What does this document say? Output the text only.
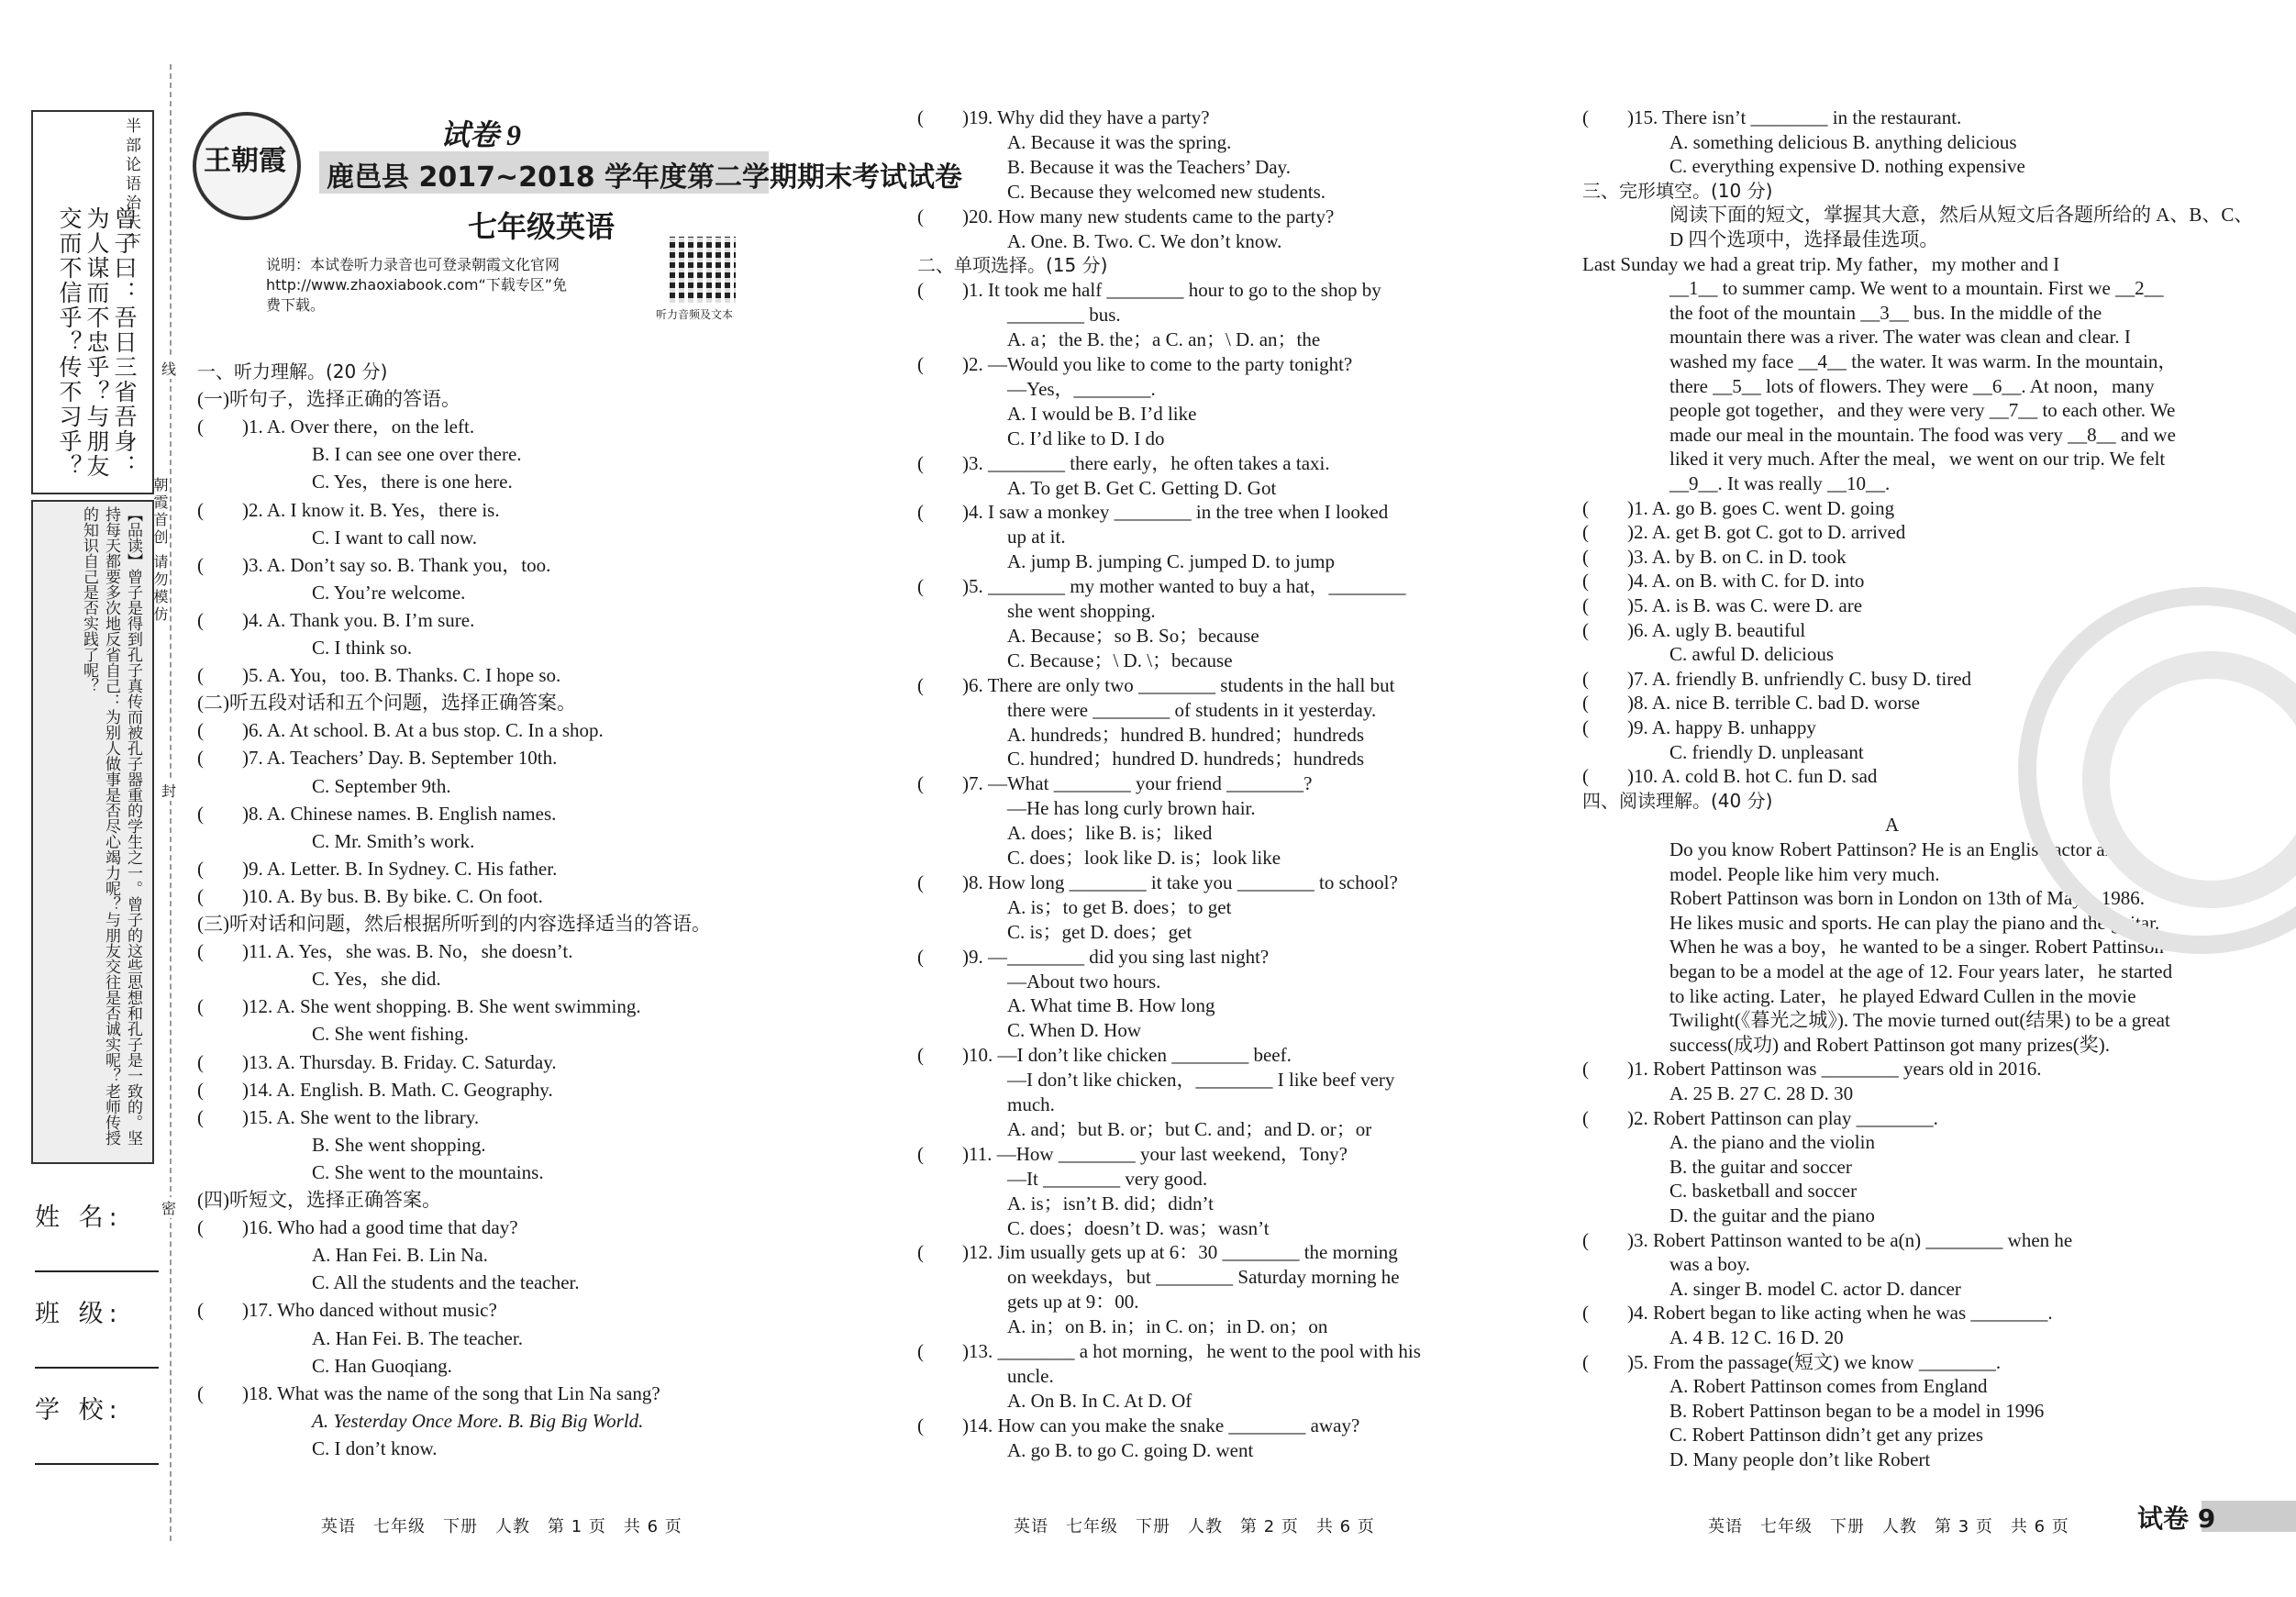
半部论语治天下
曾子曰：吾日三省吾身：为人谋而不忠乎？与朋友交而不信乎？传不习乎？
【品读】曾子是得到孔子真传而被孔子器重的学生之一。曾子的这些思想和孔子是一致的。坚持每天都要多次地反省自己：为别人做事是否尽心竭力呢？与朋友交往是否诚实呢？老师传授的知识自己是否实践了呢？	朝霞首创 请勿模仿
姓 名:
班 级:
学 校:
线
封
密
王朝霞
试卷 9
鹿邑县 2017~2018 学年度第二学期期末考试试卷
七年级英语
说明：本试卷听力录音也可登录朝霞文化官网
http://www.zhaoxiabook.com“下载专区”免
费下载。
听力音频及文本
一、听力理解。(20 分)
(一)听句子，选择正确的答语。
(　　)1. A. Over there，on the left.
B. I can see one over there.
C. Yes，there is one here.
(　　)2. A. I know it. B. Yes，there is.
C. I want to call now.
(　　)3. A. Don’t say so. B. Thank you，too.
C. You’re welcome.
(　　)4. A. Thank you. B. I’m sure.
C. I think so.
(　　)5. A. You，too. B. Thanks. C. I hope so.
(二)听五段对话和五个问题，选择正确答案。
(　　)6. A. At school. B. At a bus stop. C. In a shop.
(　　)7. A. Teachers’ Day. B. September 10th.
C. September 9th.
(　　)8. A. Chinese names. B. English names.
C. Mr. Smith’s work.
(　　)9. A. Letter. B. In Sydney. C. His father.
(　　)10. A. By bus. B. By bike. C. On foot.
(三)听对话和问题，然后根据所听到的内容选择适当的答语。
(　　)11. A. Yes，she was. B. No，she doesn’t.
C. Yes，she did.
(　　)12. A. She went shopping. B. She went swimming.
C. She went fishing.
(　　)13. A. Thursday. B. Friday. C. Saturday.
(　　)14. A. English. B. Math. C. Geography.
(　　)15. A. She went to the library.
B. She went shopping.
C. She went to the mountains.
(四)听短文，选择正确答案。
(　　)16. Who had a good time that day?
A. Han Fei. B. Lin Na.
C. All the students and the teacher.
(　　)17. Who danced without music?
A. Han Fei. B. The teacher.
C. Han Guoqiang.
(　　)18. What was the name of the song that Lin Na sang?
A. Yesterday Once More. B. Big Big World.
C. I don’t know.
(　　)19. Why did they have a party?
A. Because it was the spring.
B. Because it was the Teachers’ Day.
C. Because they welcomed new students.
(　　)20. How many new students came to the party?
A. One. B. Two. C. We don’t know.
二、单项选择。(15 分)
(　　)1. It took me half ________ hour to go to the shop by
________ bus.
A. a；the B. the；a C. an；\ D. an；the
(　　)2. —Would you like to come to the party tonight?
—Yes，________.
A. I would be B. I’d like
C. I’d like to D. I do
(　　)3. ________ there early，he often takes a taxi.
A. To get B. Get C. Getting D. Got
(　　)4. I saw a monkey ________ in the tree when I looked
up at it.
A. jump B. jumping C. jumped D. to jump
(　　)5. ________ my mother wanted to buy a hat，________
she went shopping.
A. Because；so B. So；because
C. Because；\ D. \；because
(　　)6. There are only two ________ students in the hall but
there were ________ of students in it yesterday.
A. hundreds；hundred B. hundred；hundreds
C. hundred；hundred D. hundreds；hundreds
(　　)7. —What ________ your friend ________?
—He has long curly brown hair.
A. does；like B. is；liked
C. does；look like D. is；look like
(　　)8. How long ________ it take you ________ to school?
A. is；to get B. does；to get
C. is；get D. does；get
(　　)9. —________ did you sing last night?
—About two hours.
A. What time B. How long
C. When D. How
(　　)10. —I don’t like chicken ________ beef.
—I don’t like chicken，________ I like beef very
much.
A. and；but B. or；but C. and；and D. or；or
(　　)11. —How ________ your last weekend，Tony?
—It ________ very good.
A. is；isn’t B. did；didn’t
C. does；doesn’t D. was；wasn’t
(　　)12. Jim usually gets up at 6：30 ________ the morning
on weekdays，but ________ Saturday morning he
gets up at 9：00.
A. in；on B. in；in C. on；in D. on；on
(　　)13. ________ a hot morning，he went to the pool with his
uncle.
A. On B. In C. At D. Of
(　　)14. How can you make the snake ________ away?
A. go B. to go C. going D. went
(　　)15. There isn’t ________ in the restaurant.
A. something delicious B. anything delicious
C. everything expensive D. nothing expensive
三、完形填空。(10 分)
阅读下面的短文，掌握其大意，然后从短文后各题所给的 A、B、C、
D 四个选项中，选择最佳选项。
Last Sunday we had a great trip. My father，my mother and I
__1__ to summer camp. We went to a mountain. First we __2__
the foot of the mountain __3__ bus. In the middle of the
mountain there was a river. The water was clean and clear. I
washed my face __4__ the water. It was warm. In the mountain，
there __5__ lots of flowers. They were __6__. At noon，many
people got together，and they were very __7__ to each other. We
made our meal in the mountain. The food was very __8__ and we
liked it very much. After the meal，we went on our trip. We felt
__9__. It was really __10__.
(　　)1. A. go B. goes C. went D. going
(　　)2. A. get B. got C. got to D. arrived
(　　)3. A. by B. on C. in D. took
(　　)4. A. on B. with C. for D. into
(　　)5. A. is B. was C. were D. are
(　　)6. A. ugly B. beautiful
C. awful D. delicious
(　　)7. A. friendly B. unfriendly C. busy D. tired
(　　)8. A. nice B. terrible C. bad D. worse
(　　)9. A. happy B. unhappy
C. friendly D. unpleasant
(　　)10. A. cold B. hot C. fun D. sad
四、阅读理解。(40 分)
A
Do you know Robert Pattinson? He is an English actor and
model. People like him very much.
Robert Pattinson was born in London on 13th of May，1986.
He likes music and sports. He can play the piano and the guitar.
When he was a boy，he wanted to be a singer. Robert Pattinson
began to be a model at the age of 12. Four years later，he started
to like acting. Later，he played Edward Cullen in the movie
Twilight(《暮光之城》). The movie turned out(结果) to be a great
success(成功) and Robert Pattinson got many prizes(奖).
(　　)1. Robert Pattinson was ________ years old in 2016.
A. 25 B. 27 C. 28 D. 30
(　　)2. Robert Pattinson can play ________.
A. the piano and the violin
B. the guitar and soccer
C. basketball and soccer
D. the guitar and the piano
(　　)3. Robert Pattinson wanted to be a(n) ________ when he
was a boy.
A. singer B. model C. actor D. dancer
(　　)4. Robert began to like acting when he was ________.
A. 4 B. 12 C. 16 D. 20
(　　)5. From the passage(短文) we know ________.
A. Robert Pattinson comes from England
B. Robert Pattinson began to be a model in 1996
C. Robert Pattinson didn’t get any prizes
D. Many people don’t like Robert
英语　七年级　下册　人教　第 1 页　共 6 页	英语　七年级　下册　人教　第 2 页　共 6 页	英语　七年级　下册　人教　第 3 页　共 6 页	试卷 9
